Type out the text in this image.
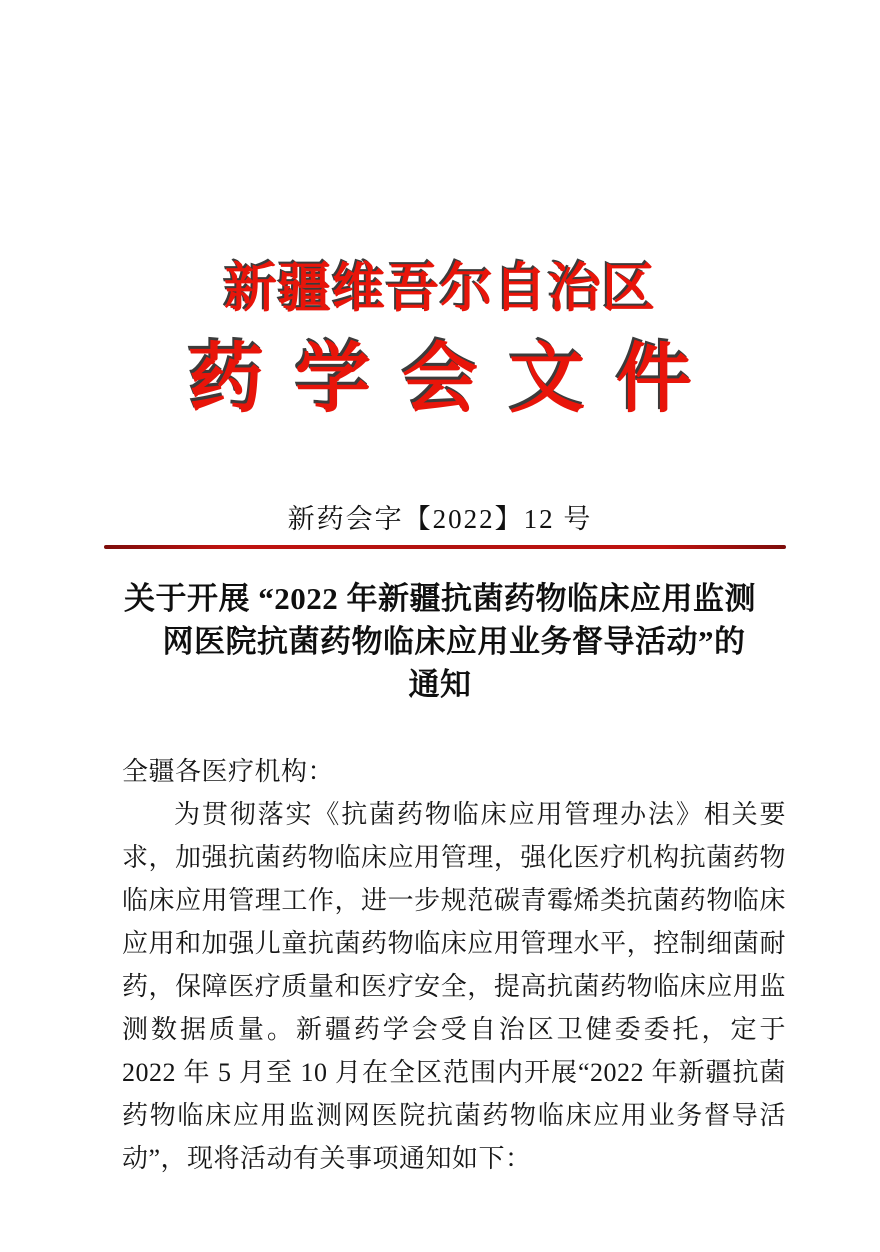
新疆维吾尔自治区
药 学 会 文 件
新药会字【2022】12 号
关于开展 “2022 年新疆抗菌药物临床应用监测
网医院抗菌药物临床应用业务督导活动”的
通知
全疆各医疗机构：
为贯彻落实《抗菌药物临床应用管理办法》相关要求，加强抗菌药物临床应用管理，强化医疗机构抗菌药物临床应用管理工作，进一步规范碳青霉烯类抗菌药物临床应用和加强儿童抗菌药物临床应用管理水平，控制细菌耐药，保障医疗质量和医疗安全，提高抗菌药物临床应用监测数据质量。新疆药学会受自治区卫健委委托，定于 2022 年 5 月至 10 月在全区范围内开展“2022 年新疆抗菌药物临床应用监测网医院抗菌药物临床应用业务督导活动”，现将活动有关事项通知如下：
